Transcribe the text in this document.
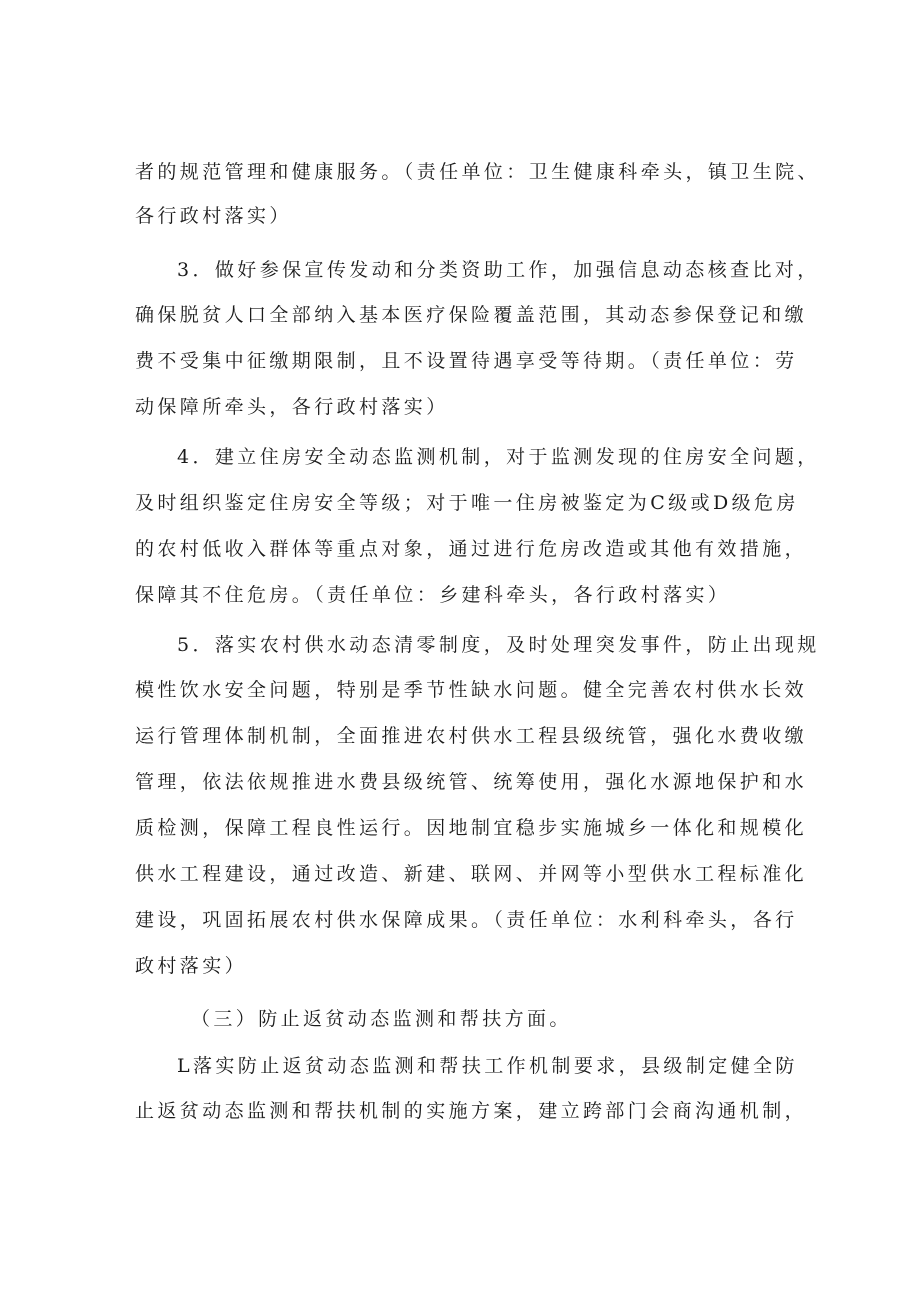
者的规范管理和健康服务。（责任单位：卫生健康科牵头，镇卫生院、
各行政村落实）
3．做好参保宣传发动和分类资助工作，加强信息动态核查比对，
确保脱贫人口全部纳入基本医疗保险覆盖范围，其动态参保登记和缴
费不受集中征缴期限制，且不设置待遇享受等待期。（责任单位：劳
动保障所牵头，各行政村落实）
4．建立住房安全动态监测机制，对于监测发现的住房安全问题，
及时组织鉴定住房安全等级；对于唯一住房被鉴定为C级或D级危房
的农村低收入群体等重点对象，通过进行危房改造或其他有效措施，
保障其不住危房。（责任单位：乡建科牵头，各行政村落实）
5．落实农村供水动态清零制度，及时处理突发事件，防止出现规
模性饮水安全问题，特别是季节性缺水问题。健全完善农村供水长效
运行管理体制机制，全面推进农村供水工程县级统管，强化水费收缴
管理，依法依规推进水费县级统管、统筹使用，强化水源地保护和水
质检测，保障工程良性运行。因地制宜稳步实施城乡一体化和规模化
供水工程建设，通过改造、新建、联网、并网等小型供水工程标准化
建设，巩固拓展农村供水保障成果。（责任单位：水利科牵头，各行
政村落实）
（三）防止返贫动态监测和帮扶方面。
L落实防止返贫动态监测和帮扶工作机制要求，县级制定健全防
止返贫动态监测和帮扶机制的实施方案，建立跨部门会商沟通机制，
